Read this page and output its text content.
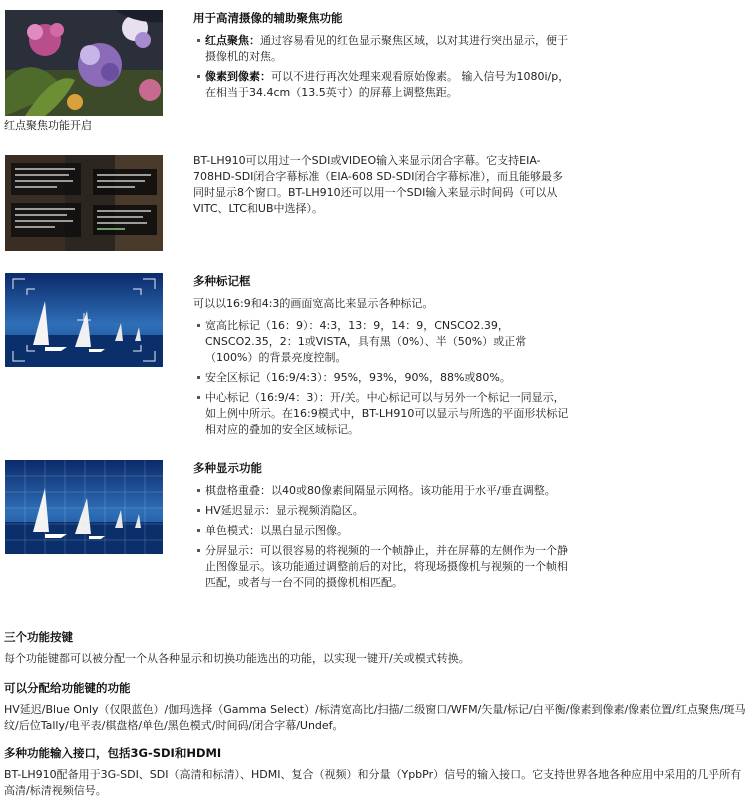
红点聚焦功能开启
用于高清摄像的辅助聚焦功能
红点聚焦：通过容易看见的红色显示聚焦区域，以对其进行突出显示，便于摄像机的对焦。
像素到像素：可以不进行再次处理来观看原始像素。 输入信号为1080i/p，在相当于34.4cm（13.5英寸）的屏幕上调整焦距。
BT-LH910可以用过一个SDI或VIDEO输入来显示闭合字幕。它支持EIA-708HD-SDI闭合字幕标准（EIA-608 SD-SDI闭合字幕标准），而且能够最多同时显示8个窗口。BT-LH910还可以用一个SDI输入来显示时间码（可以从VITC、LTC和UB中选择）。
多种标记框
可以以16:9和4:3的画面宽高比来显示各种标记。
宽高比标记（16：9）：4:3，13：9，14：9，CNSCO2.39，CNSCO2.35，2：1或VISTA，具有黑（0%）、半（50%）或正常（100%）的背景亮度控制。
安全区标记（16:9/4:3）：95%，93%，90%，88%或80%。
中心标记（16:9/4：3）：开/关。中心标记可以与另外一个标记一同显示，如上例中所示。在16:9模式中，BT-LH910可以显示与所选的平面形状标记相对应的叠加的安全区域标记。
多种显示功能
棋盘格重叠：以40或80像素间隔显示网格。该功能用于水平/垂直调整。
HV延迟显示：显示视频消隐区。
单色模式：以黑白显示图像。
分屏显示：可以很容易的将视频的一个帧静止，并在屏幕的左侧作为一个静止图像显示。该功能通过调整前后的对比，将现场摄像机与视频的一个帧相匹配，或者与一台不同的摄像机相匹配。
三个功能按键
每个功能键都可以被分配一个从各种显示和切换功能选出的功能，以实现一键开/关或模式转换。
可以分配给功能键的功能
HV延迟/Blue Only（仅限蓝色）/伽玛选择（Gamma Select）/标清宽高比/扫描/二级窗口/WFM/矢量/标记/白平衡/像素到像素/像素位置/红点聚焦/斑马纹/后位Tally/电平表/棋盘格/单色/黑色模式/时间码/闭合字幕/Undef。
多种功能输入接口，包括3G-SDI和HDMI
BT-LH910配备用于3G-SDI、SDI（高清和标清）、HDMI、复合（视频）和分量（YpbPr）信号的输入接口。它支持世界各地各种应用中采用的几乎所有高清/标清视频信号。
